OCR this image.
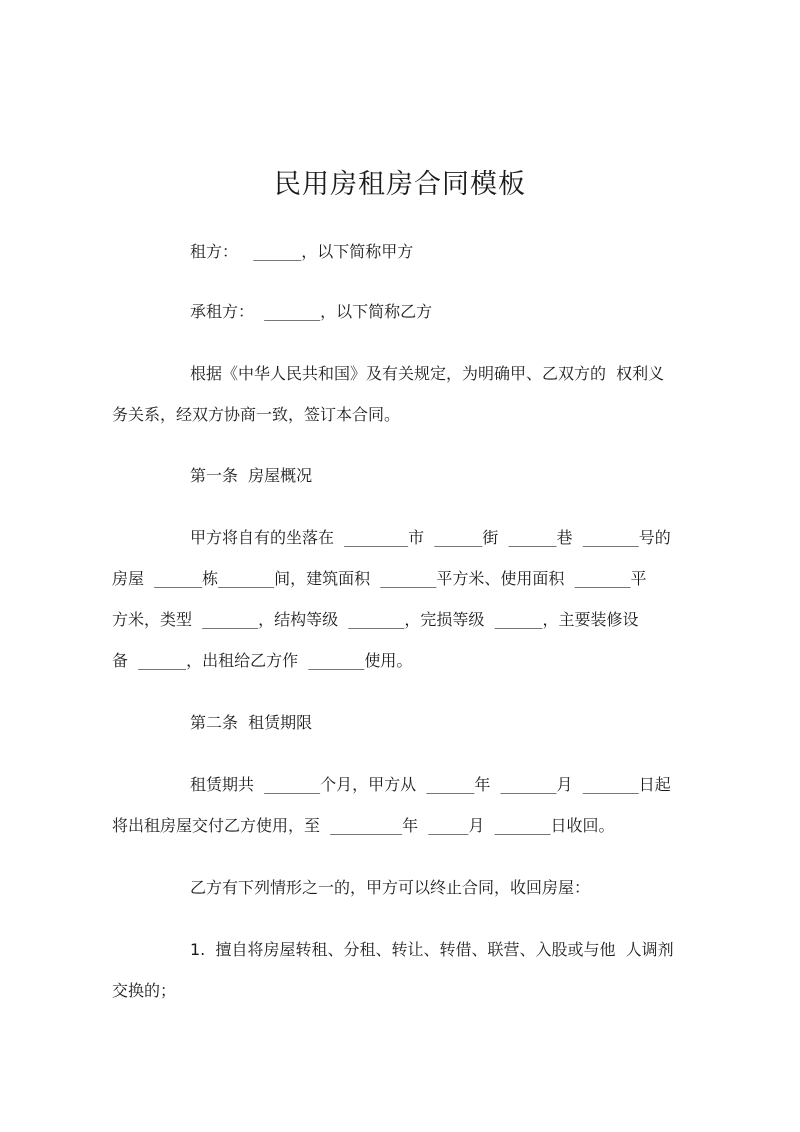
民用房租房合同模板

租方：   ______，以下简称甲方

承租方：  _______，以下简称乙方

根据《中华人民共和国》及有关规定，为明确甲、乙双方的  权利义

务关系，经双方协商一致，签订本合同。

第一条  房屋概况

甲方将自有的坐落在  ________市  ______街  ______巷  _______号的

房屋  ______栋_______间，建筑面积  _______平方米、使用面积  _______平

方米，类型  _______，结构等级  _______，完损等级  ______，主要装修设

备  ______，出租给乙方作  _______使用。

第二条  租赁期限

租赁期共  _______个月，甲方从  ______年  _______月  _______日起

将出租房屋交付乙方使用，至  _________年  _____月  _______日收回。

乙方有下列情形之一的，甲方可以终止合同，收回房屋：

1. 擅自将房屋转租、分租、转让、转借、联营、入股或与他  人调剂

交换的；
